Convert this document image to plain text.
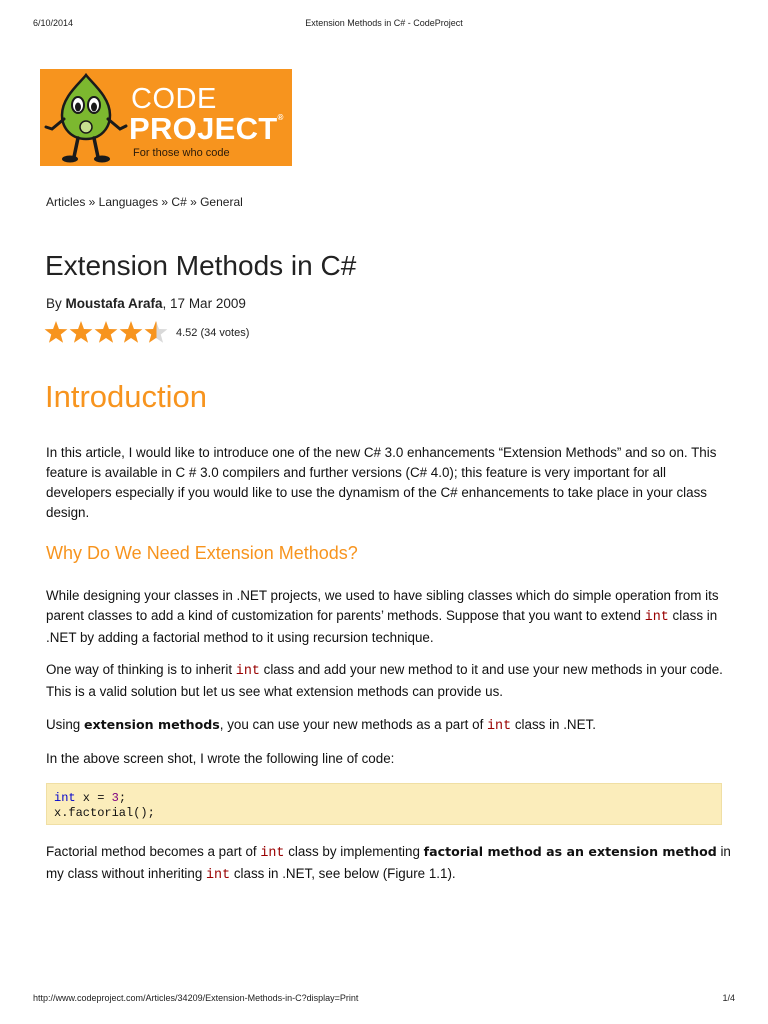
6/10/2014	Extension Methods in C# - CodeProject
CODE
PROJECT®
For those who code
Articles » Languages » C# » General
Extension Methods in C#
By Moustafa Arafa, 17 Mar 2009
4.52 (34 votes)
Introduction

In this article, I would like to introduce one of the new C# 3.0 enhancements “Extension Methods” and so on. This feature is available in C # 3.0 compilers and further versions (C# 4.0); this feature is very important for all developers especially if you would like to use the dynamism of the C# enhancements to take place in your class design.

Why Do We Need Extension Methods?

While designing your classes in .NET projects, we used to have sibling classes which do simple operation from its parent classes to add a kind of customization for parents’ methods. Suppose that you want to extend int class in .NET by adding a factorial method to it using recursion technique.

One way of thinking is to inherit int class and add your new method to it and use your new methods in your code. This is a valid solution but let us see what extension methods can provide us.

Using extension methods, you can use your new methods as a part of int class in .NET.

In the above screen shot, I wrote the following line of code:

int x = 3;
x.factorial();

Factorial method becomes a part of int class by implementing factorial method as an extension method in my class without inheriting int class in .NET, see below (Figure 1.1).

http://www.codeproject.com/Articles/34209/Extension-Methods-in-C?display=Print	1/4
